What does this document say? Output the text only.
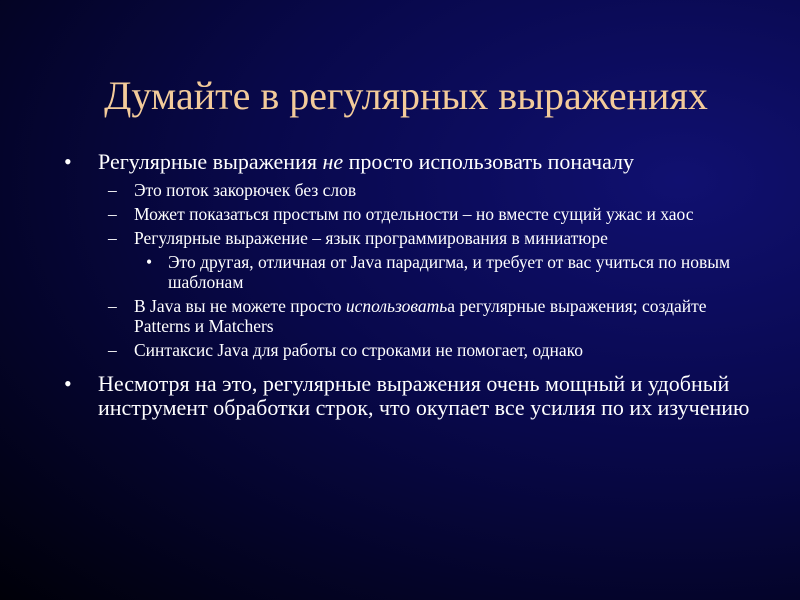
Думайте в регулярных выражениях
• Регулярные выражения не просто использовать поначалу
– Это поток закорючек без слов
– Может показаться простым по отдельности – но вместе сущий ужас и хаос
– Регулярные выражение – язык программирования в миниатюре
• Это другая, отличная от Java парадигма, и требует от вас учиться по новым шаблонам
– В Java вы не можете просто использоватьa регулярные выражения; создайте Patterns и Matchers
– Синтаксис Java для работы со строками не помогает, однако
• Несмотря на это, регулярные выражения очень мощный и удобный инструмент обработки строк, что окупает все усилия по их изучению
